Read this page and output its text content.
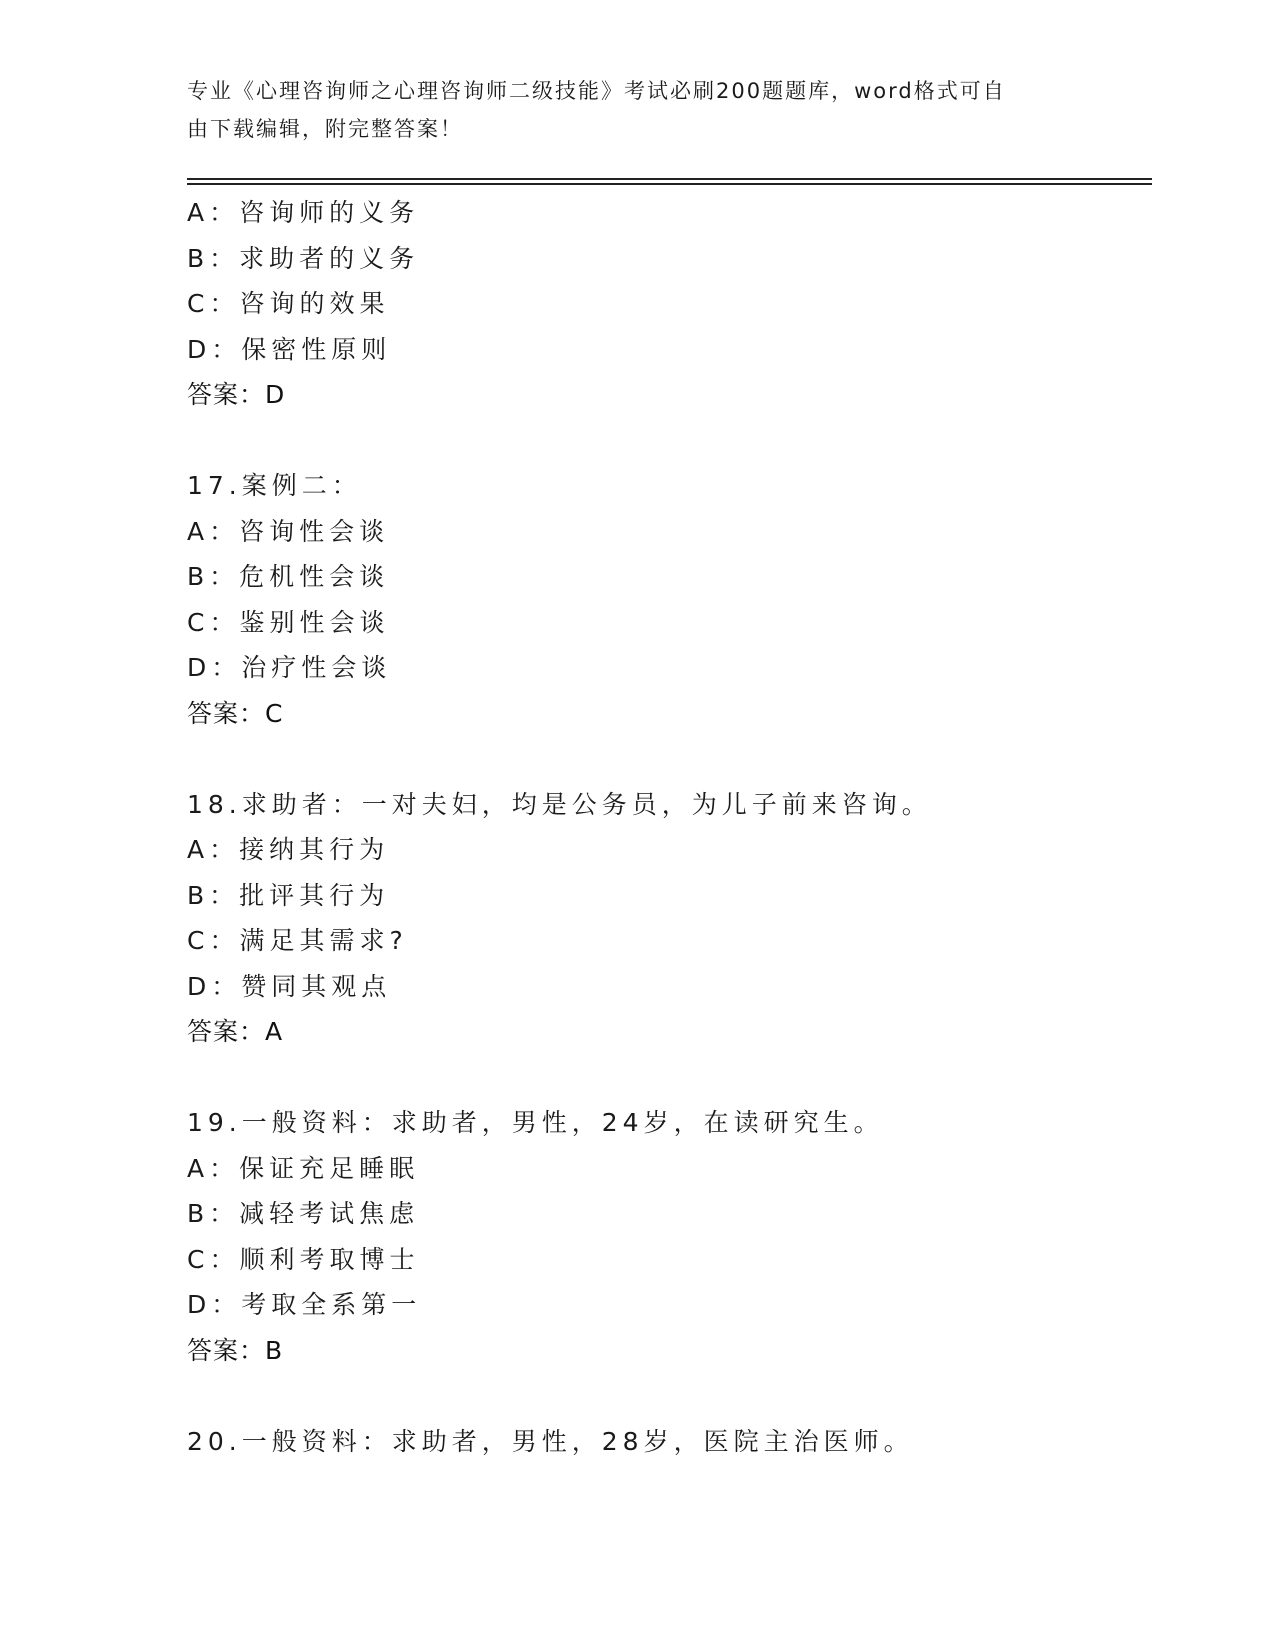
专业《心理咨询师之心理咨询师二级技能》考试必刷200题题库，word格式可自
由下载编辑，附完整答案！
A：咨询师的义务
B：求助者的义务
C：咨询的效果
D：保密性原则
答案：D
17.案例二：
A：咨询性会谈
B：危机性会谈
C：鉴别性会谈
D：治疗性会谈
答案：C
18.求助者：一对夫妇，均是公务员，为儿子前来咨询。
A：接纳其行为
B：批评其行为
C：满足其需求?
D：赞同其观点
答案：A
19.一般资料：求助者，男性，24岁，在读研究生。
A：保证充足睡眠
B：减轻考试焦虑
C：顺利考取博士
D：考取全系第一
答案：B
20.一般资料：求助者，男性，28岁，医院主治医师。
